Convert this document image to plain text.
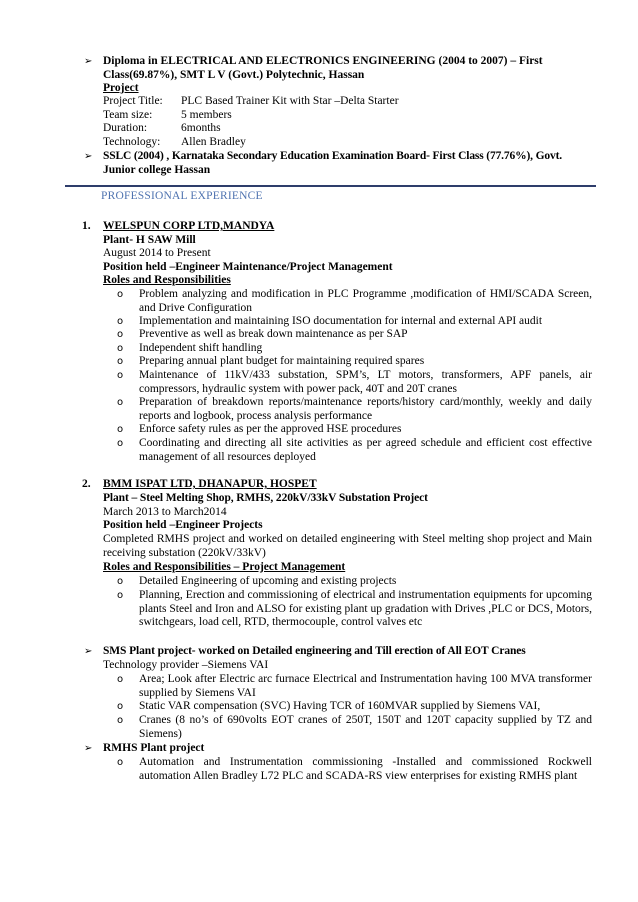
➢ Diploma in ELECTRICAL AND ELECTRONICS ENGINEERING (2004 to 2007) – First
Class(69.87%), SMT L V (Govt.) Polytechnic, Hassan
Project
Project Title: PLC Based Trainer Kit with Star –Delta Starter
Team size: 5 members
Duration:	6months
Technology: Allen Bradley
➢ SSLC (2004) , Karnataka Secondary Education Examination Board- First Class (77.76%), Govt.
Junior college Hassan
PROFESSIONAL EXPERIENCE
1. WELSPUN CORP LTD,MANDYA
Plant- H SAW Mill
August 2014 to Present
Position held –Engineer Maintenance/Project Management
Roles and Responsibilities
o Problem analyzing and modification in PLC Programme ,modification of HMI/SCADA Screen, and Drive Configuration
o Implementation and maintaining ISO documentation for internal and external API audit
o Preventive as well as break down maintenance as per SAP
o Independent shift handling
o Preparing annual plant budget for maintaining required spares
o Maintenance of 11kV/433 substation, SPM’s, LT motors, transformers, APF panels, air compressors, hydraulic system with power pack, 40T and 20T cranes
o Preparation of breakdown reports/maintenance reports/history card/monthly, weekly and daily reports and logbook, process analysis performance
o Enforce safety rules as per the approved HSE procedures
o Coordinating and directing all site activities as per agreed schedule and efficient cost effective management of all resources deployed
2. BMM ISPAT LTD, DHANAPUR, HOSPET
Plant – Steel Melting Shop, RMHS, 220kV/33kV Substation Project
March 2013 to March2014
Position held –Engineer Projects
Completed RMHS project and worked on detailed engineering with Steel melting shop project and Main receiving substation (220kV/33kV)
Roles and Responsibilities – Project Management
o Detailed Engineering of upcoming and existing projects
o Planning, Erection and commissioning of electrical and instrumentation equipments for upcoming plants Steel and Iron and ALSO for existing plant up gradation with Drives ,PLC or DCS, Motors, switchgears, load cell, RTD, thermocouple, control valves etc
➢ SMS Plant project- worked on Detailed engineering and Till erection of All EOT Cranes
Technology provider –Siemens VAI
o Area; Look after Electric arc furnace Electrical and Instrumentation having 100 MVA transformer supplied by Siemens VAI
o Static VAR compensation (SVC) Having TCR of 160MVAR supplied by Siemens VAI,
o Cranes (8 no’s of 690volts EOT cranes of 250T, 150T and 120T capacity supplied by TZ and Siemens)
➢ RMHS Plant project
o Automation and Instrumentation commissioning -Installed and commissioned Rockwell automation Allen Bradley L72 PLC and SCADA-RS view enterprises for existing RMHS plant
